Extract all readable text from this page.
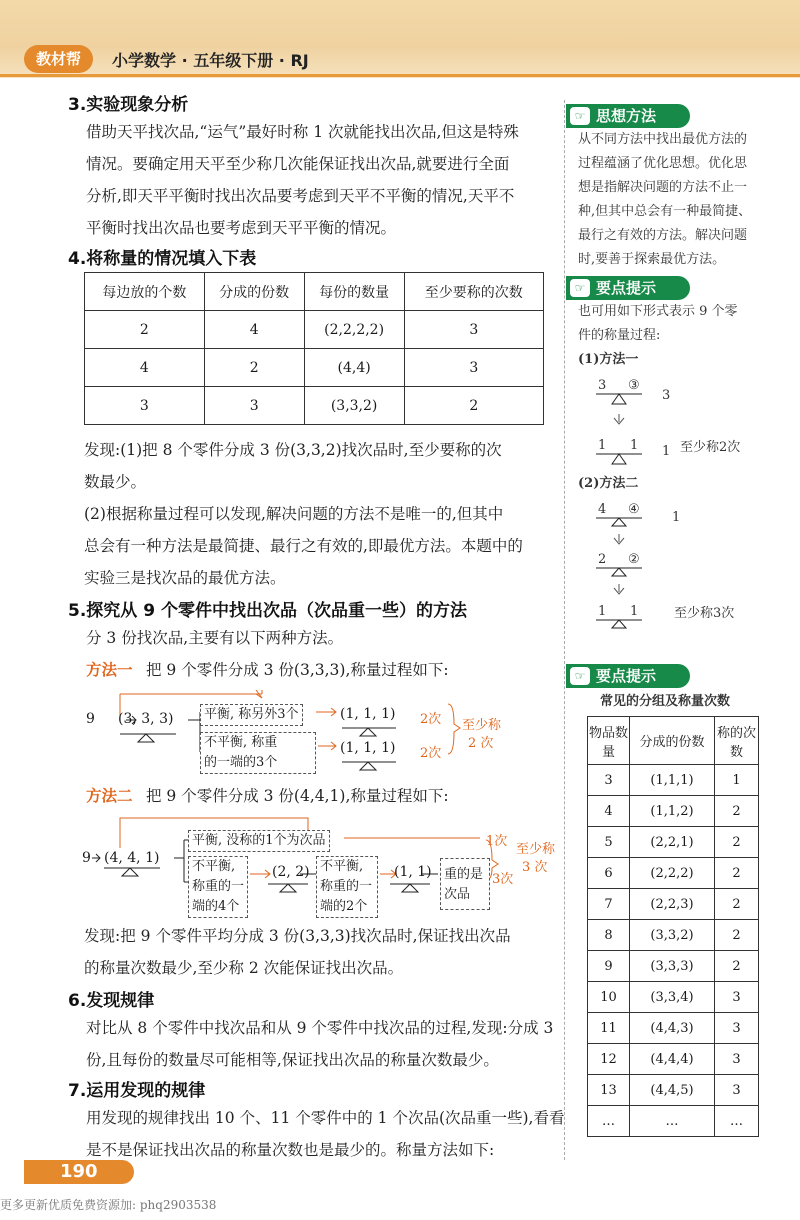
教材帮	小学数学 · 五年级下册 · RJ
3.实验现象分析
借助天平找次品,“运气”最好时称 1 次就能找出次品,但这是特殊
情况。要确定用天平至少称几次能保证找出次品,就要进行全面
分析,即天平平衡时找出次品要考虑到天平不平衡的情况,天平不
平衡时找出次品也要考虑到天平平衡的情况。
4.将称量的情况填入下表
每边放的个数	分成的份数	每份的数量	至少要称的次数
2	4	(2,2,2,2)	3
4	2	(4,4)	3
3	3	(3,3,2)	2
发现:(1)把 8 个零件分成 3 份(3,3,2)找次品时,至少要称的次
数最少。
(2)根据称量过程可以发现,解决问题的方法不是唯一的,但其中
总会有一种方法是最简捷、最行之有效的,即最优方法。本题中的
实验三是找次品的最优方法。
5.探究从 9 个零件中找出次品（次品重一些）的方法
分 3 份找次品,主要有以下两种方法。
方法一 把 9 个零件分成 3 份(3,3,3),称量过程如下:
9 (3, 3, 3)	平衡, 称另外3个
不平衡, 称重
的一端的3个
(1, 1, 1)
(1, 1, 1)
2次
2次
至少称
2 次
方法二 把 9 个零件分成 3 份(4,4,1),称量过程如下:
9 (4, 4, 1)
平衡, 没称的1个为次品
不平衡,
称重的一
端的4个
(2, 2) 不平衡,
称重的一
端的2个
(1, 1) 重的是
次品
1次
3次
至少称
3 次
发现:把 9 个零件平均分成 3 份(3,3,3)找次品时,保证找出次品
的称量次数最少,至少称 2 次能保证找出次品。
6.发现规律
对比从 8 个零件中找次品和从 9 个零件中找次品的过程,发现:分成 3
份,且每份的数量尽可能相等,保证找出次品的称量次数最少。
7.运用发现的规律
用发现的规律找出 10 个、11 个零件中的 1 个次品(次品重一些),看看
是不是保证找出次品的称量次数也是最少的。称量方法如下:
☞ 思想方法
从不同方法中找出最优方法的
过程蕴涵了优化思想。优化思
想是指解决问题的方法不止一
种,但其中总会有一种最简捷、
最行之有效的方法。解决问题
时,要善于探索最优方法。
☞ 要点提示
也可用如下形式表示 9 个零
件的称量过程:
(1)方法一
3 ③
3
1 1 1 至少称2次
(2)方法二
4 ④
1
2 ②
1 1	至少称3次
☞ 要点提示
常见的分组及称量次数
物品数量	分成的份数	称的次数
3	(1,1,1)	1
4	(1,1,2)	2
5	(2,2,1)	2
6	(2,2,2)	2
7	(2,2,3)	2
8	(3,3,2)	2
9	(3,3,3)	2
10	(3,3,4)	3
11	(4,4,3)	3
12	(4,4,4)	3
13	(4,4,5)	3
…	…	…
190
更多更新优质免费资源加: phq2903538
